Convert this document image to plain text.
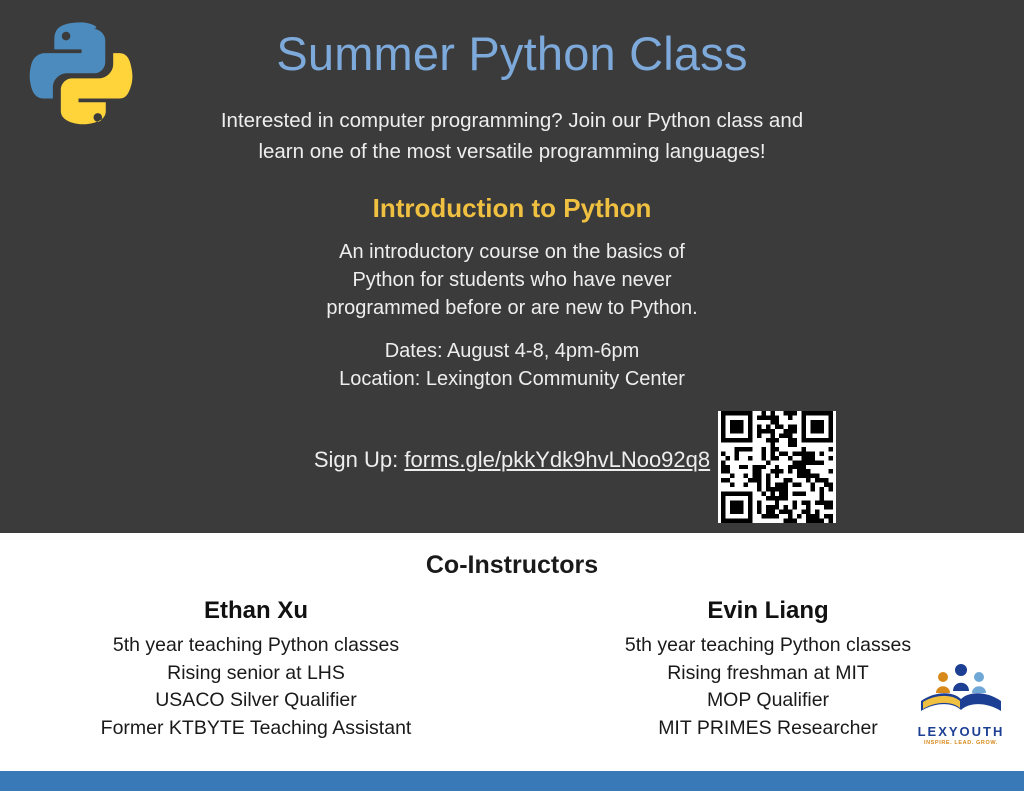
Summer Python Class
Interested in computer programming? Join our Python class and
learn one of the most versatile programming languages!
Introduction to Python
An introductory course on the basics of
Python for students who have never
programmed before or are new to Python.
Dates: August 4-8, 4pm-6pm
Location: Lexington Community Center
Sign Up: forms.gle/pkkYdk9hvLNoo92q8
Co-Instructors
Ethan Xu
5th year teaching Python classes
Rising senior at LHS
USACO Silver Qualifier
Former KTBYTE Teaching Assistant
Evin Liang
5th year teaching Python classes
Rising freshman at MIT
MOP Qualifier
MIT PRIMES Researcher	LEXYOUTH
INSPIRE. LEAD. GROW.
